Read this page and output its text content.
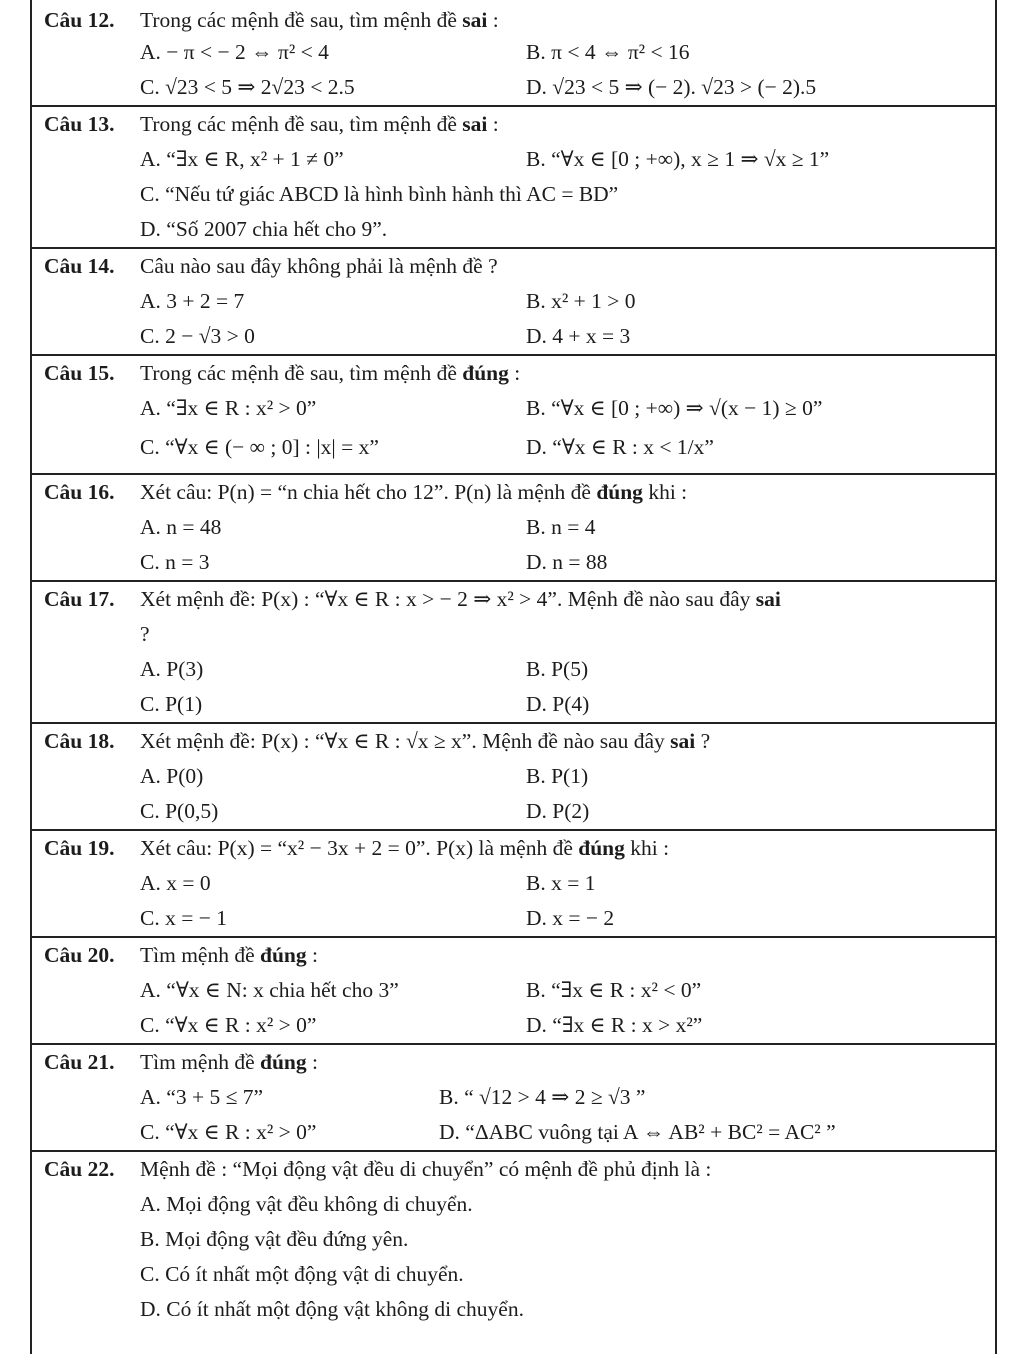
Câu 12. Trong các mệnh đề sau, tìm mệnh đề sai :
A. − π < − 2 ⇔ π² < 4	B. π < 4 ⇔ π² < 16
C. √23 < 5 ⇒ 2√23 < 2.5	D. √23 < 5 ⇒ (− 2). √23 > (− 2).5
Câu 13. Trong các mệnh đề sau, tìm mệnh đề sai :
A. “∃x ∈ R, x² + 1 ≠ 0”	B. “∀x ∈ [0 ; +∞), x ≥ 1 ⇒ √x ≥ 1”
C. “Nếu tứ giác ABCD là hình bình hành thì AC = BD”
D. “Số 2007 chia hết cho 9”.
Câu 14. Câu nào sau đây không phải là mệnh đề ?
A. 3 + 2 = 7	B. x² + 1 > 0
C. 2 − √3 > 0	D. 4 + x = 3
Câu 15. Trong các mệnh đề sau, tìm mệnh đề đúng :
A. “∃x ∈ R : x² > 0”	B. “∀x ∈ [0 ; +∞) ⇒ √(x − 1) ≥ 0”
C. “∀x ∈ (− ∞ ; 0] : |x| = x”	D. “∀x ∈ R : x < 1/x”
Câu 16. Xét câu: P(n) = “n chia hết cho 12”. P(n) là mệnh đề đúng khi :
A. n = 48	B. n = 4
C. n = 3	D. n = 88
Câu 17. Xét mệnh đề: P(x) : “∀x ∈ R : x > − 2 ⇒ x² > 4”. Mệnh đề nào sau đây sai
?
A. P(3)	B. P(5)
C. P(1)	D. P(4)
Câu 18. Xét mệnh đề: P(x) : “∀x ∈ R : √x ≥ x”. Mệnh đề nào sau đây sai ?
A. P(0)	B. P(1)
C. P(0,5)	D. P(2)
Câu 19. Xét câu: P(x) = “x² − 3x + 2 = 0”. P(x) là mệnh đề đúng khi :
A. x = 0	B. x = 1
C. x = − 1	D. x = − 2
Câu 20. Tìm mệnh đề đúng :
A. “∀x ∈ N: x chia hết cho 3”	B. “∃x ∈ R : x² < 0”
C. “∀x ∈ R : x² > 0”	D. “∃x ∈ R : x > x²”
Câu 21. Tìm mệnh đề đúng :
A. “3 + 5 ≤ 7”	B. “ √12 > 4 ⇒ 2 ≥ √3 ”
C. “∀x ∈ R : x² > 0”	D. “ΔABC vuông tại A ⇔ AB² + BC² = AC² ”
Câu 22. Mệnh đề : “Mọi động vật đều di chuyển” có mệnh đề phủ định là :
A. Mọi động vật đều không di chuyển.
B. Mọi động vật đều đứng yên.
C. Có ít nhất một động vật di chuyển.
D. Có ít nhất một động vật không di chuyển.
